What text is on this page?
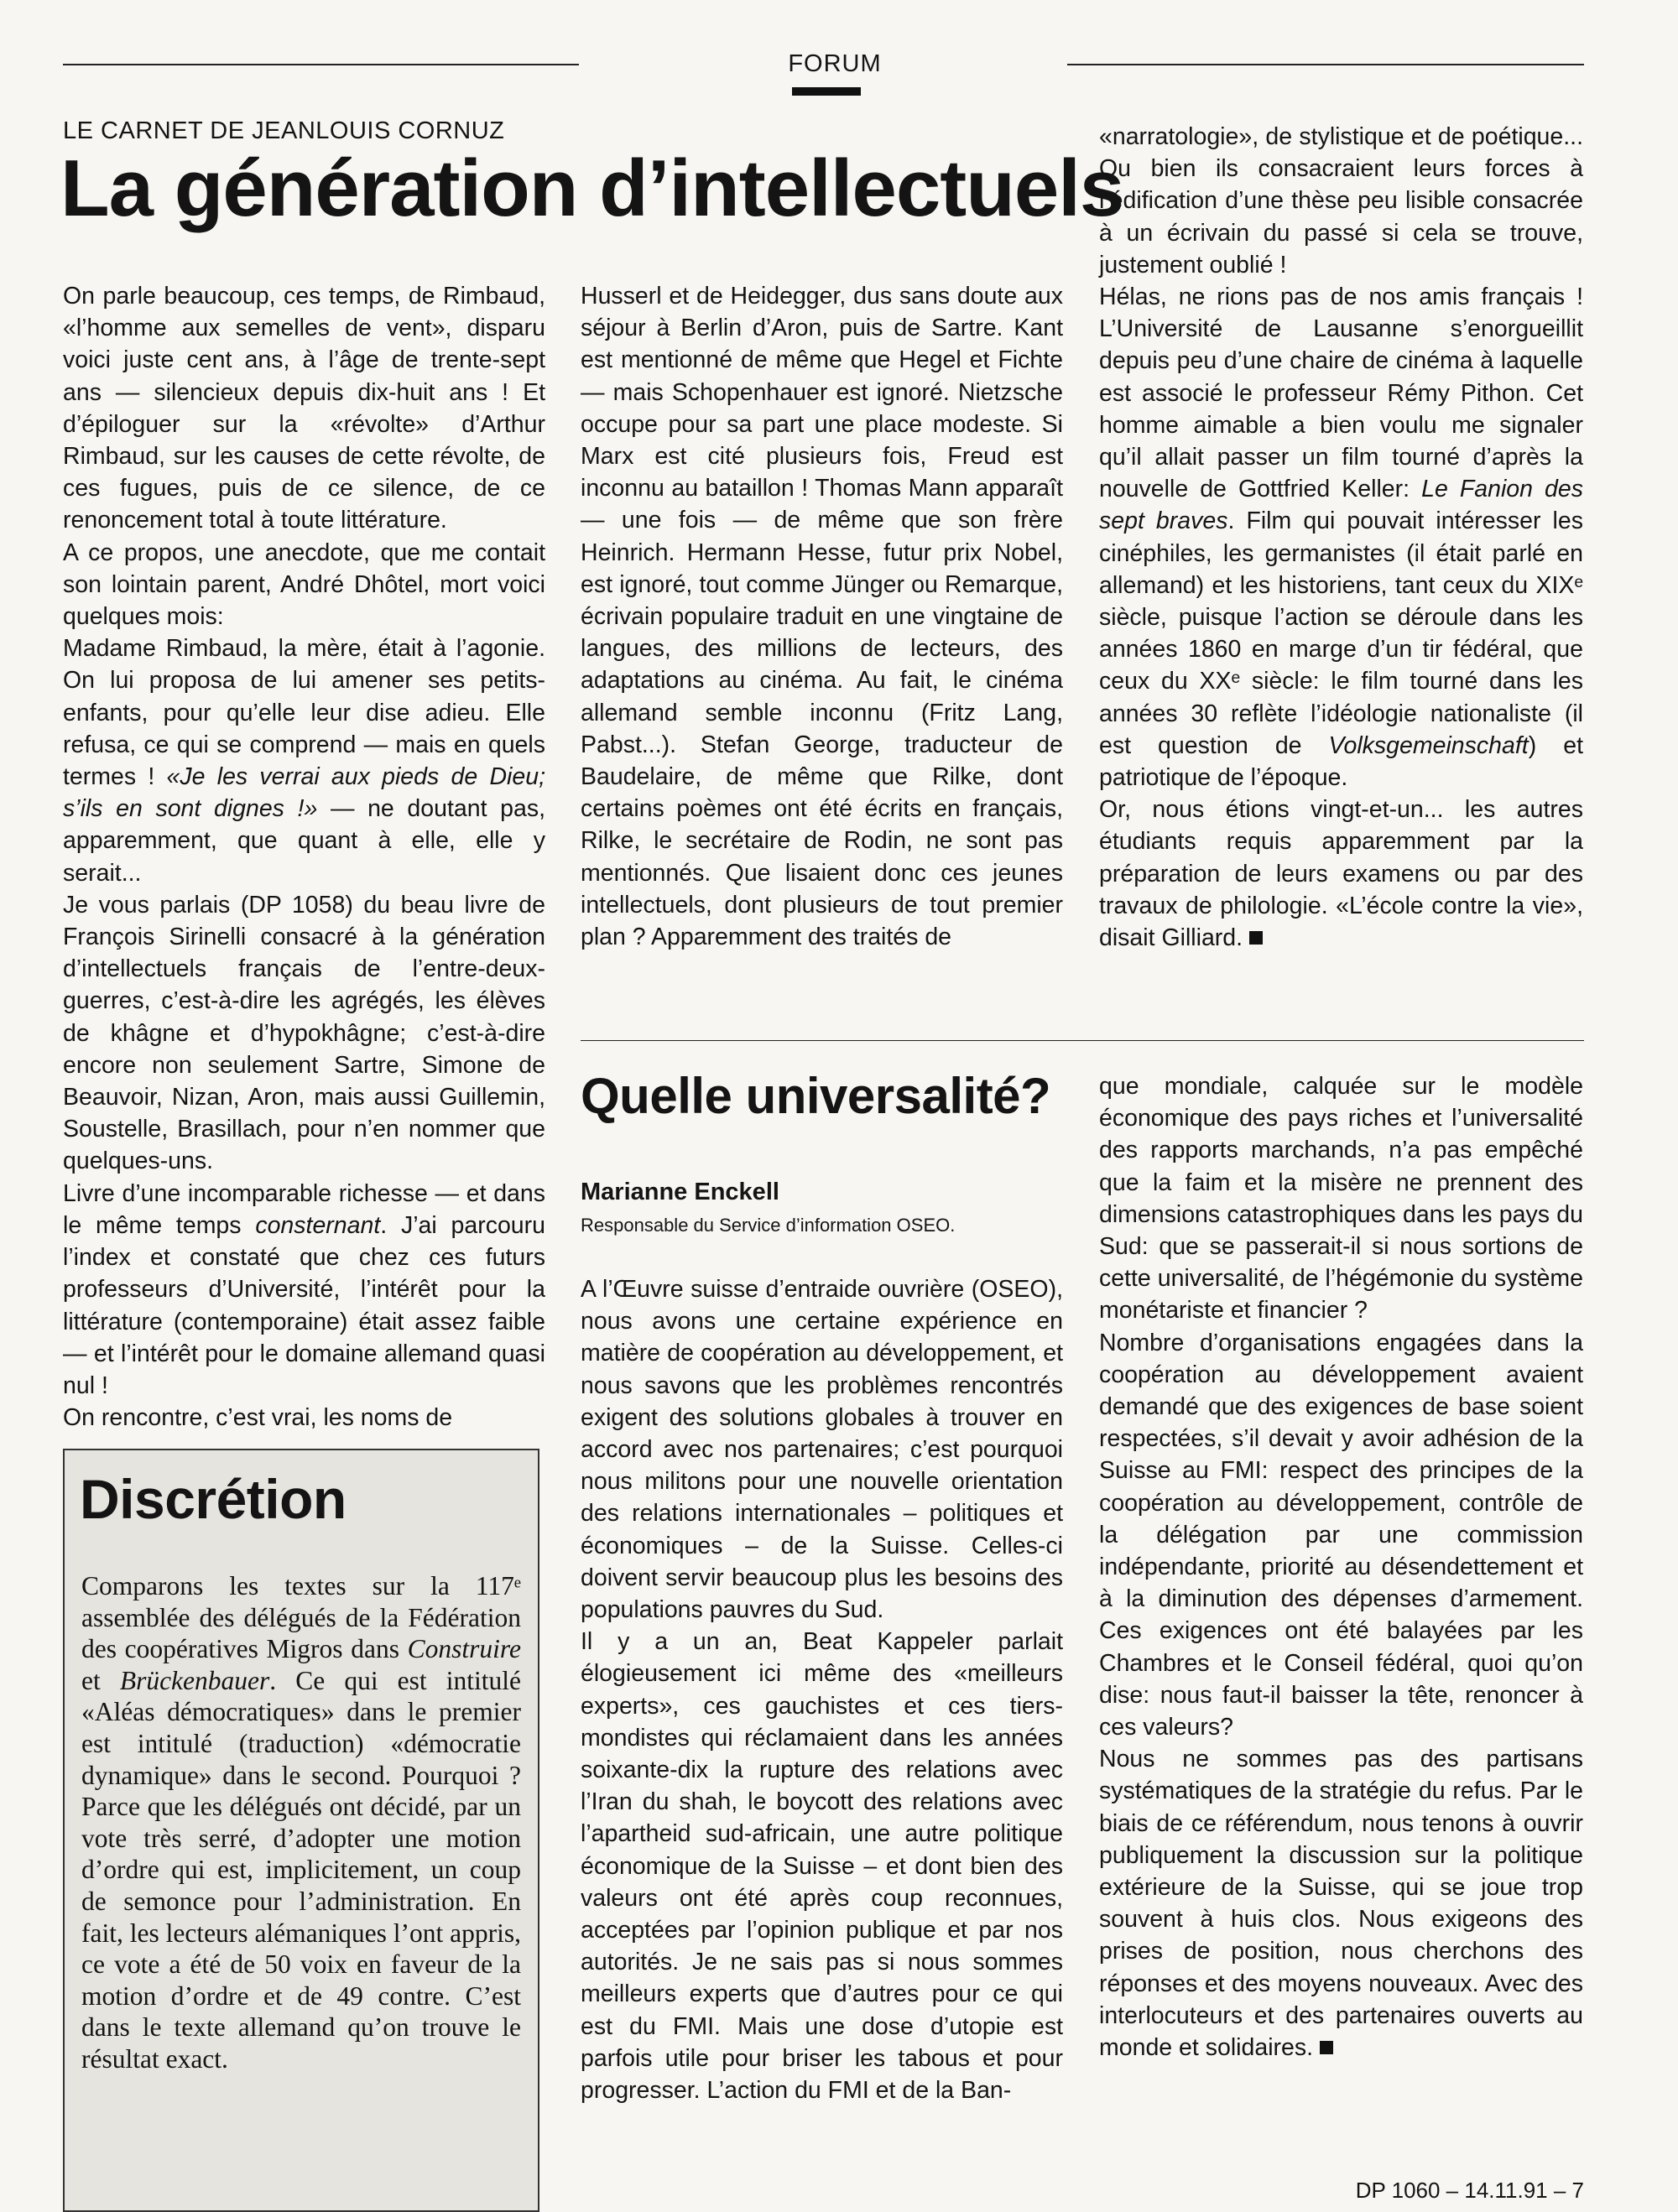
FORUM
LE CARNET DE JEANLOUIS CORNUZ
La génération d’intellectuels

On parle beaucoup, ces temps, de Rimbaud, «l’homme aux semelles de vent», disparu voici juste cent ans, à l’âge de trente-sept ans — silencieux depuis dix-huit ans ! Et d’épiloguer sur la «révolte» d’Arthur Rimbaud, sur les causes de cette révolte, de ces fugues, puis de ce silence, de ce renoncement total à toute littérature.

A ce propos, une anecdote, que me contait son lointain parent, André Dhôtel, mort voici quelques mois:

Madame Rimbaud, la mère, était à l’agonie. On lui proposa de lui amener ses petits-enfants, pour qu’elle leur dise adieu. Elle refusa, ce qui se comprend — mais en quels termes ! «Je les verrai aux pieds de Dieu; s’ils en sont dignes !» — ne doutant pas, apparemment, que quant à elle, elle y serait...

Je vous parlais (DP 1058) du beau livre de François Sirinelli consacré à la génération d’intellectuels français de l’entre-deux-guerres, c’est-à-dire les agrégés, les élèves de khâgne et d’hypokhâgne; c’est-à-dire encore non seulement Sartre, Simone de Beauvoir, Nizan, Aron, mais aussi Guillemin, Soustelle, Brasillach, pour n’en nommer que quelques-uns.

Livre d’une incomparable richesse — et dans le même temps consternant. J’ai parcouru l’index et constaté que chez ces futurs professeurs d’Université, l’intérêt pour la littérature (contemporaine) était assez faible — et l’intérêt pour le domaine allemand quasi nul !

On rencontre, c’est vrai, les noms de

Husserl et de Heidegger, dus sans doute aux séjour à Berlin d’Aron, puis de Sartre. Kant est mentionné de même que Hegel et Fichte — mais Schopenhauer est ignoré. Nietzsche occupe pour sa part une place modeste. Si Marx est cité plusieurs fois, Freud est inconnu au bataillon ! Thomas Mann apparaît — une fois — de même que son frère Heinrich. Hermann Hesse, futur prix Nobel, est ignoré, tout comme Jünger ou Remarque, écrivain populaire traduit en une vingtaine de langues, des millions de lecteurs, des adaptations au cinéma. Au fait, le cinéma allemand semble inconnu (Fritz Lang, Pabst...). Stefan George, traducteur de Baudelaire, de même que Rilke, dont certains poèmes ont été écrits en français, Rilke, le secrétaire de Rodin, ne sont pas mentionnés. Que lisaient donc ces jeunes intellectuels, dont plusieurs de tout premier plan ? Apparemment des traités de

«narratologie», de stylistique et de poétique... Ou bien ils consacraient leurs forces à l’édification d’une thèse peu lisible consacrée à un écrivain du passé si cela se trouve, justement oublié !

Hélas, ne rions pas de nos amis français ! L’Université de Lausanne s’enorgueillit depuis peu d’une chaire de cinéma à laquelle est associé le professeur Rémy Pithon. Cet homme aimable a bien voulu me signaler qu’il allait passer un film tourné d’après la nouvelle de Gottfried Keller: Le Fanion des sept braves. Film qui pouvait intéresser les cinéphiles, les germanistes (il était parlé en allemand) et les historiens, tant ceux du XIXᵉ siècle, puisque l’action se déroule dans les années 1860 en marge d’un tir fédéral, que ceux du XXᵉ siècle: le film tourné dans les années 30 reflète l’idéologie nationaliste (il est question de Volksgemeinschaft) et patriotique de l’époque.

Or, nous étions vingt-et-un... les autres étudiants requis apparemment par la préparation de leurs examens ou par des travaux de philologie. «L’école contre la vie», disait Gilliard.

Discrétion

Comparons les textes sur la 117ᵉ assemblée des délégués de la Fédération des coopératives Migros dans Construire et Brückenbauer. Ce qui est intitulé «Aléas démocratiques» dans le premier est intitulé (traduction) «démocratie dynamique» dans le second. Pourquoi ? Parce que les délégués ont décidé, par un vote très serré, d’adopter une motion d’ordre qui est, implicitement, un coup de semonce pour l’administration. En fait, les lecteurs alémaniques l’ont appris, ce vote a été de 50 voix en faveur de la motion d’ordre et de 49 contre. C’est dans le texte allemand qu’on trouve le résultat exact.

Quelle universalité?
Marianne Enckell
Responsable du Service d’information OSEO.

A l’Œuvre suisse d’entraide ouvrière (OSEO), nous avons une certaine expérience en matière de coopération au développement, et nous savons que les problèmes rencontrés exigent des solutions globales à trouver en accord avec nos partenaires; c’est pourquoi nous militons pour une nouvelle orientation des relations internationales – politiques et économiques – de la Suisse. Celles-ci doivent servir beaucoup plus les besoins des populations pauvres du Sud.

Il y a un an, Beat Kappeler parlait élogieusement ici même des «meilleurs experts», ces gauchistes et ces tiers-mondistes qui réclamaient dans les années soixante-dix la rupture des relations avec l’Iran du shah, le boycott des relations avec l’apartheid sud-africain, une autre politique économique de la Suisse – et dont bien des valeurs ont été après coup reconnues, acceptées par l’opinion publique et par nos autorités. Je ne sais pas si nous sommes meilleurs experts que d’autres pour ce qui est du FMI. Mais une dose d’utopie est parfois utile pour briser les tabous et pour progresser. L’action du FMI et de la Ban-

que mondiale, calquée sur le modèle économique des pays riches et l’universalité des rapports marchands, n’a pas empêché que la faim et la misère ne prennent des dimensions catastrophiques dans les pays du Sud: que se passerait-il si nous sortions de cette universalité, de l’hégémonie du système monétariste et financier ?

Nombre d’organisations engagées dans la coopération au développement avaient demandé que des exigences de base soient respectées, s’il devait y avoir adhésion de la Suisse au FMI: respect des principes de la coopération au développement, contrôle de la délégation par une commission indépendante, priorité au désendettement et à la diminution des dépenses d’armement. Ces exigences ont été balayées par les Chambres et le Conseil fédéral, quoi qu’on dise: nous faut-il baisser la tête, renoncer à ces valeurs?

Nous ne sommes pas des partisans systématiques de la stratégie du refus. Par le biais de ce référendum, nous tenons à ouvrir publiquement la discussion sur la politique extérieure de la Suisse, qui se joue trop souvent à huis clos. Nous exigeons des prises de position, nous cherchons des réponses et des moyens nouveaux. Avec des interlocuteurs et des partenaires ouverts au monde et solidaires.

DP 1060 – 14.11.91 – 7
